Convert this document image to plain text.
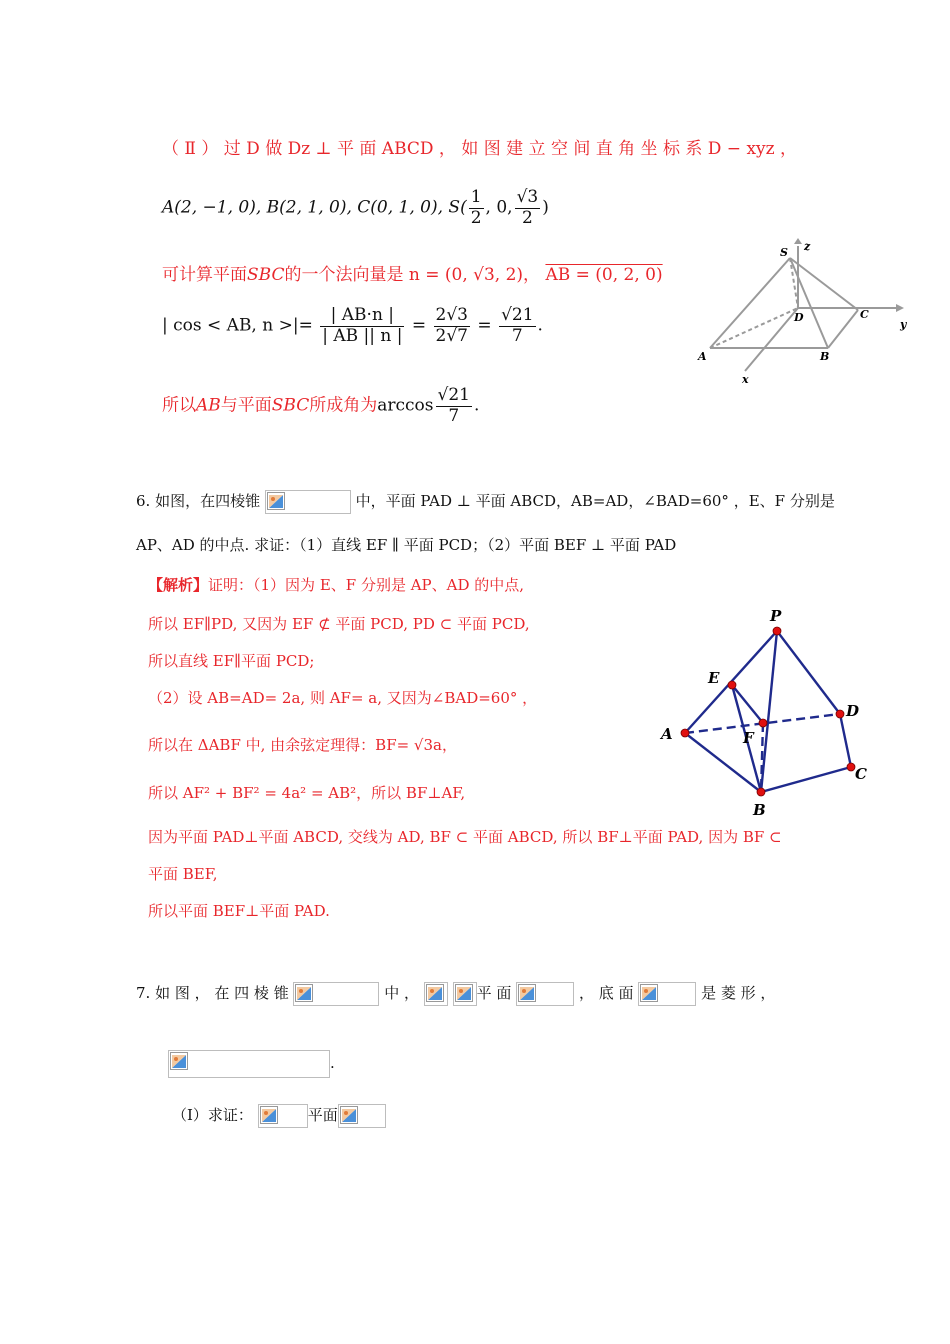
（ Ⅱ ） 过 D 做 Dz ⊥ 平 面 ABCD ， 如 图 建 立 空 间 直 角 坐 标 系 D − xyz ，
A(2, −1, 0), B(2, 1, 0), C(0, 1, 0), $S( \frac{1}{2}$ , 0, $\frac{√3}{2}$ )
可计算平面SBC的一个法向量是 n = (0, √3, 2)， AB = (0, 2, 0)
| cos < AB, n >|= $\frac{| AB\cdot n |}{| AB || n |} = \frac{2√3}{2√7} = \frac{√21}{7}$ .
所以AB与平面SBC所成角为$\arccos \frac{√21}{7}$ .
S z
D	C
y
A	B
x
6. 如图，在四棱锥	中，平面 PAD ⊥ 平面 ABCD，AB=AD，∠BAD=60° ，E、F 分别是
AP、AD 的中点. 求证：（1）直线 EF ∥ 平面 PCD；（2）平面 BEF ⊥ 平面 PAD
【解析】证明：（1）因为 E、F 分别是 AP、AD 的中点,
所以 EF∥PD, 又因为 EF ⊄ 平面 PCD, PD ⊂ 平面 PCD,
所以直线 EF∥平面 PCD;
（2）设 AB=AD= 2a, 则 AF= a, 又因为∠BAD=60° ，
所以在 ΔABF 中, 由余弦定理得：BF= √3a，
所以 AF² + BF² = 4a² = AB²，所以 BF⊥AF,
因为平面 PAD⊥平面 ABCD, 交线为 AD, BF ⊂ 平面 ABCD, 所以 BF⊥平面 PAD, 因为 BF ⊂
平面 BEF,
所以平面 BEF⊥平面 PAD.
P
E
D
A	F
C
B
7. 如 图 ， 在 四 棱 锥	中 ，
	平 面	， 底 面	是 菱 形 ，
.
（Ⅰ）求证：	平面
